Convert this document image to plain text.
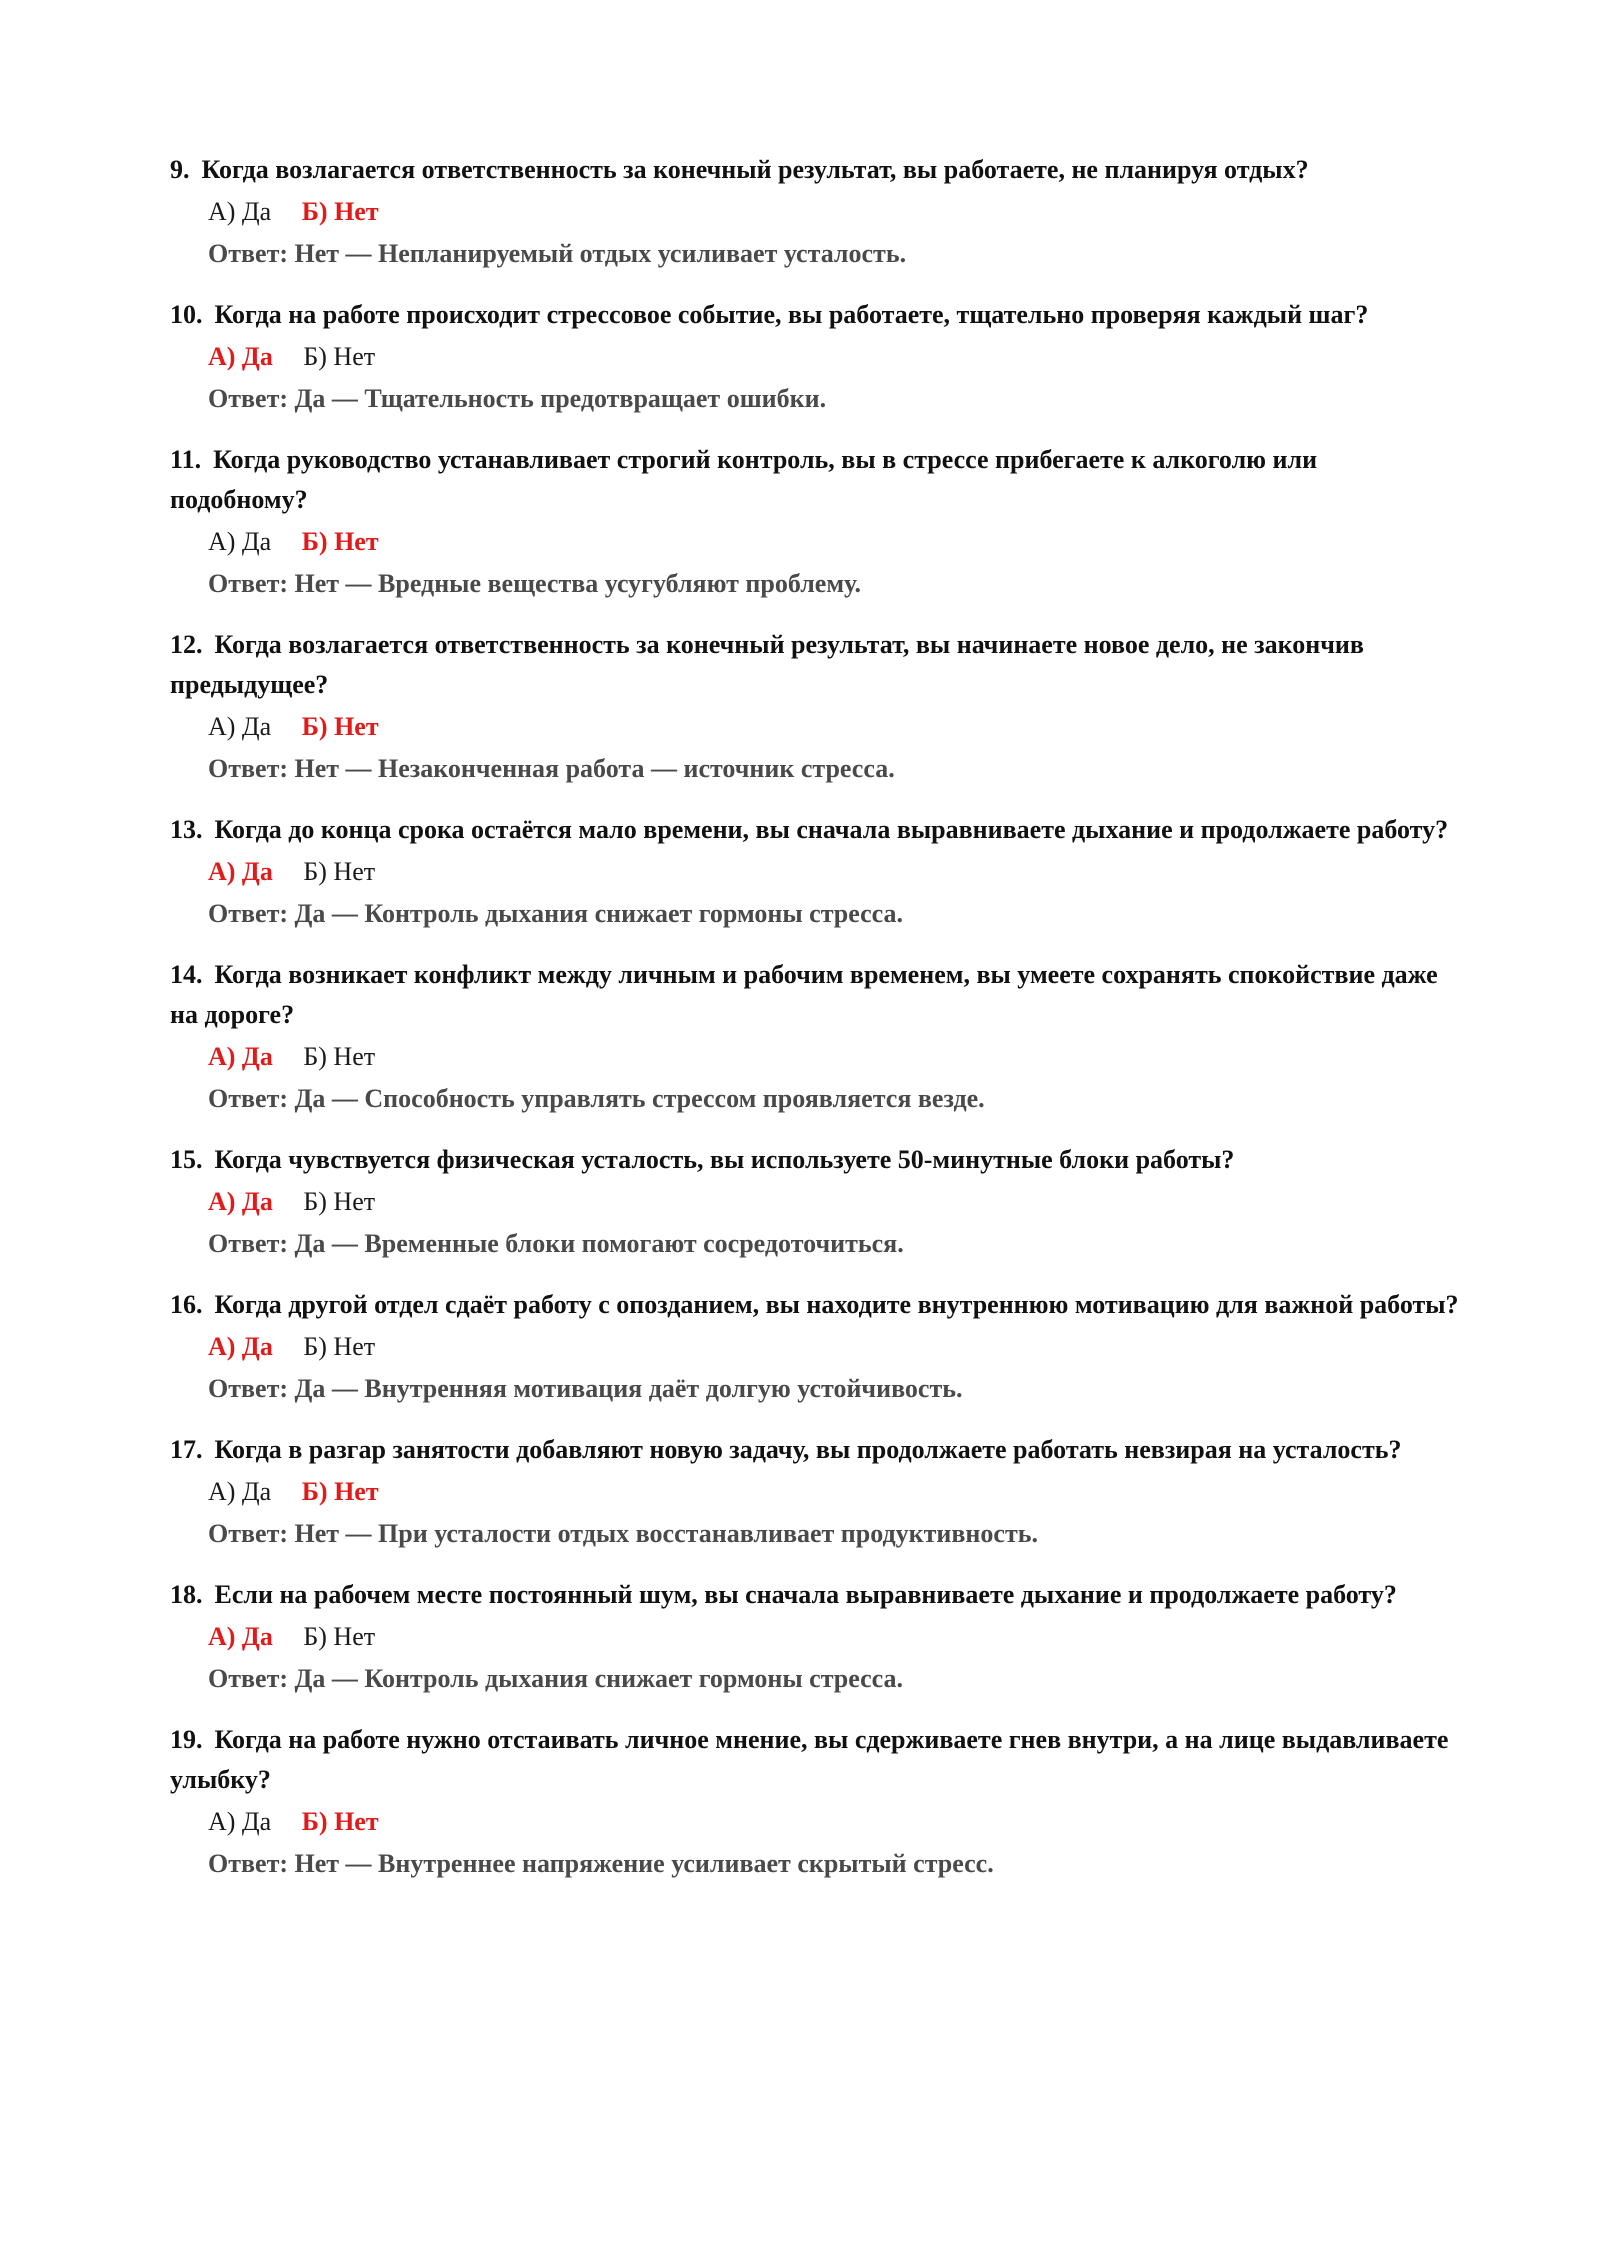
9. Когда возлагается ответственность за конечный результат, вы работаете, не планируя отдых?

А) Да Б) Нет

Ответ: Нет — Непланируемый отдых усиливает усталость.

10. Когда на работе происходит стрессовое событие, вы работаете, тщательно проверяя каждый шаг?

А) Да Б) Нет

Ответ: Да — Тщательность предотвращает ошибки.

11. Когда руководство устанавливает строгий контроль, вы в стрессе прибегаете к алкоголю или подобному?

А) Да Б) Нет

Ответ: Нет — Вредные вещества усугубляют проблему.

12. Когда возлагается ответственность за конечный результат, вы начинаете новое дело, не закончив предыдущее?

А) Да Б) Нет

Ответ: Нет — Незаконченная работа — источник стресса.

13. Когда до конца срока остаётся мало времени, вы сначала выравниваете дыхание и продолжаете работу?

А) Да Б) Нет

Ответ: Да — Контроль дыхания снижает гормоны стресса.

14. Когда возникает конфликт между личным и рабочим временем, вы умеете сохранять спокойствие даже на дороге?

А) Да Б) Нет

Ответ: Да — Способность управлять стрессом проявляется везде.

15. Когда чувствуется физическая усталость, вы используете 50-минутные блоки работы?

А) Да Б) Нет

Ответ: Да — Временные блоки помогают сосредоточиться.

16. Когда другой отдел сдаёт работу с опозданием, вы находите внутреннюю мотивацию для важной работы?

А) Да Б) Нет

Ответ: Да — Внутренняя мотивация даёт долгую устойчивость.

17. Когда в разгар занятости добавляют новую задачу, вы продолжаете работать невзирая на усталость?

А) Да Б) Нет

Ответ: Нет — При усталости отдых восстанавливает продуктивность.

18. Если на рабочем месте постоянный шум, вы сначала выравниваете дыхание и продолжаете работу?

А) Да Б) Нет

Ответ: Да — Контроль дыхания снижает гормоны стресса.

19. Когда на работе нужно отстаивать личное мнение, вы сдерживаете гнев внутри, а на лице выдавливаете улыбку?

А) Да Б) Нет

Ответ: Нет — Внутреннее напряжение усиливает скрытый стресс.
